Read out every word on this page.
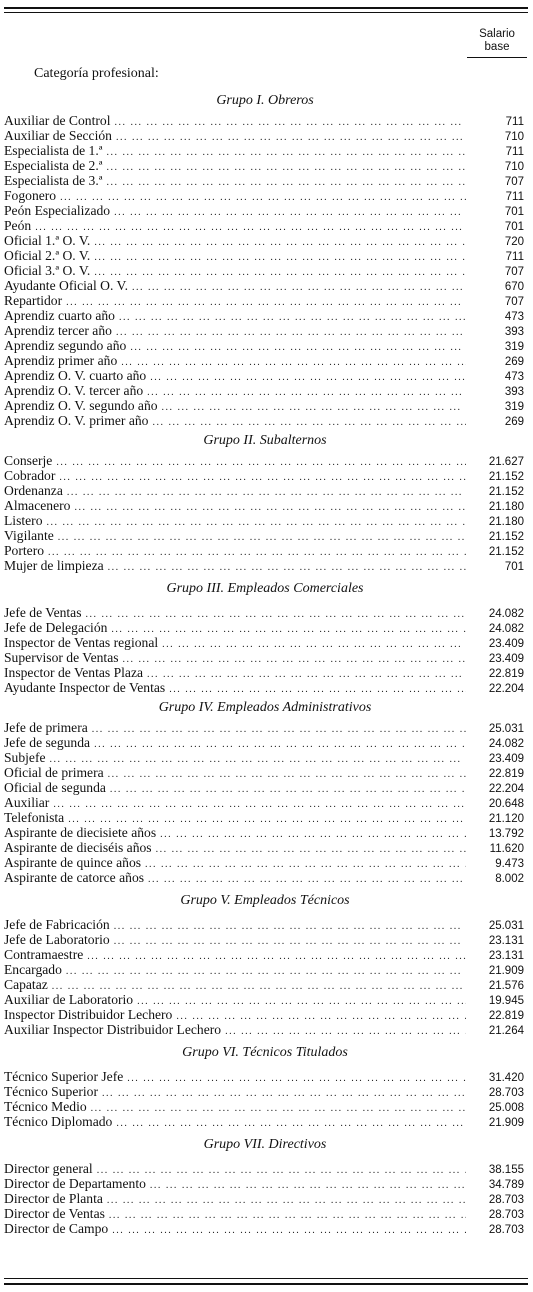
Salario

base
Categoría profesional:
Grupo I. Obreros
Auxiliar de Control ... .	711
Auxiliar de Sección ... .	710
Especialista de 1.ª ... .	711
Especialista de 2.ª ... .	710
Especialista de 3.ª ... .	707
Fogonero ... .	711
Peón Especializado ... .	701
Peón ... .	701
Oficial 1.ª O. V. ... .	720
Oficial 2.ª O. V. ... .	711
Oficial 3.ª O. V. ... .	707
Ayudante Oficial O. V. ... .	670
Repartidor ... .	707
Aprendiz cuarto año ... .	473
Aprendiz tercer año ... .	393
Aprendiz segundo año ... .	319
Aprendiz primer año ... .	269
Aprendiz O. V. cuarto año ... .	473
Aprendiz O. V. tercer año ... .	393
Aprendiz O. V. segundo año ... .	319
Aprendiz O. V. primer año ... .	269
Grupo II. Subalternos
Conserje ... .	21.627
Cobrador ... .	21.152
Ordenanza ... .	21.152
Almacenero ... .	21.180
Listero ... .	21.180
Vigilante ... .	21.152
Portero ... .	21.152
Mujer de limpieza ... .	701
Grupo III. Empleados Comerciales
Jefe de Ventas ... .	24.082
Jefe de Delegación ... .	24.082
Inspector de Ventas regional ... .	23.409
Supervisor de Ventas ... .	23.409
Inspector de Ventas Plaza ... .	22.819
Ayudante Inspector de Ventas ... .	22.204
Grupo IV. Empleados Administrativos
Jefe de primera ... .	25.031
Jefe de segunda ... .	24.082
Subjefe ... .	23.409
Oficial de primera ... .	22.819
Oficial de segunda ... .	22.204
Auxiliar ... .	20.648
Telefonista ... .	21.120
Aspirante de diecisiete años ... .	13.792
Aspirante de dieciséis años ... .	11.620
Aspirante de quince años ... .	9.473
Aspirante de catorce años ... .	8.002
Grupo V. Empleados Técnicos
Jefe de Fabricación ... .	25.031
Jefe de Laboratorio ... .	23.131
Contramaestre ... .	23.131
Encargado ... .	21.909
Capataz ... .	21.576
Auxiliar de Laboratorio ... .	19.945
Inspector Distribuidor Lechero ... .	22.819
Auxiliar Inspector Distribuidor Lechero ... .	21.264
Grupo VI. Técnicos Titulados
Técnico Superior Jefe ... .	31.420
Técnico Superior ... .	28.703
Técnico Medio ... .	25.008
Técnico Diplomado ... .	21.909
Grupo VII. Directivos
Director general ... .	38.155
Director de Departamento ... .	34.789
Director de Planta ... .	28.703
Director de Ventas ... .	28.703
Director de Campo ... .	28.703
